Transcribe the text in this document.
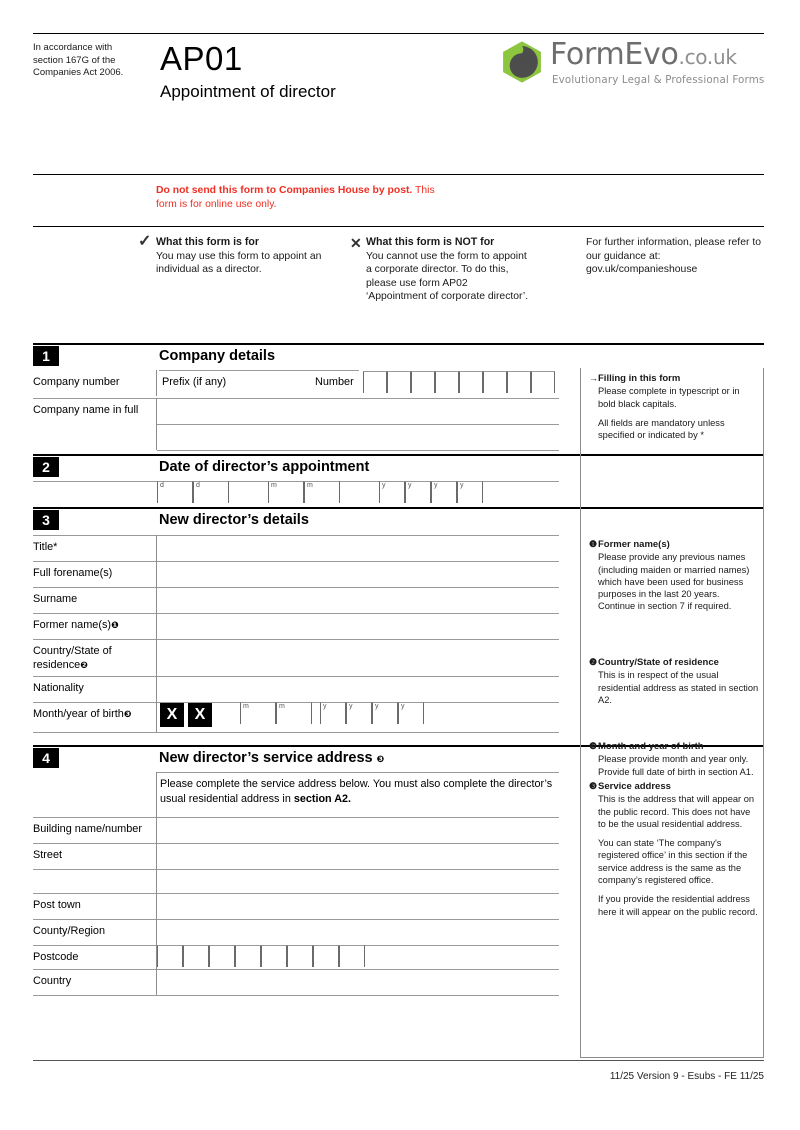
In accordance with section 167G of the Companies Act 2006.	AP01
Appointment of director
FormEvo.co.uk
Evolutionary Legal & Professional Forms
Do not send this form to Companies House by post. This form is for online use only.
✓ What this form is for
You may use this form to appoint an individual as a director.
✕ What this form is NOT for
You cannot use the form to appoint a corporate director. To do this, please use form AP02 ‘Appointment of corporate director’.
For further information, please refer to our guidance at: gov.uk/companieshouse
1	Company details
Company number	Prefix (if any)	Number
Company name in full
2	Date of director’s appointment
d	d	m	m	y	y	y	y
3	New director’s details
Title*
Full forename(s)
Surname
Former name(s)❶
Country/State of residence❷
Nationality
Month/year of birth❸	X	X	m	m	y	y	y	y
4	New director’s service address ❸
Please complete the service address below. You must also complete the director’s usual residential address in section A2.
Building name/number
Street
Post town
County/Region
Postcode
Country
→ Filling in this form

Please complete in typescript or in bold black capitals.

All fields are mandatory unless specified or indicated by *

❶ Former name(s)

Please provide any previous names (including maiden or married names) which have been used for business purposes in the last 20 years. Continue in section 7 if required.

❷ Country/State of residence

This is in respect of the usual residential address as stated in section A2.

❸ Month and year of birth

Please provide month and year only. Provide full date of birth in section A1.

❸ Service address

This is the address that will appear on the public record. This does not have to be the usual residential address.

You can state ‘The company's registered office’ in this section if the service address is the same as the company’s registered office.

If you provide the residential address here it will appear on the public record.

11/25 Version 9 - Esubs - FE 11/25
